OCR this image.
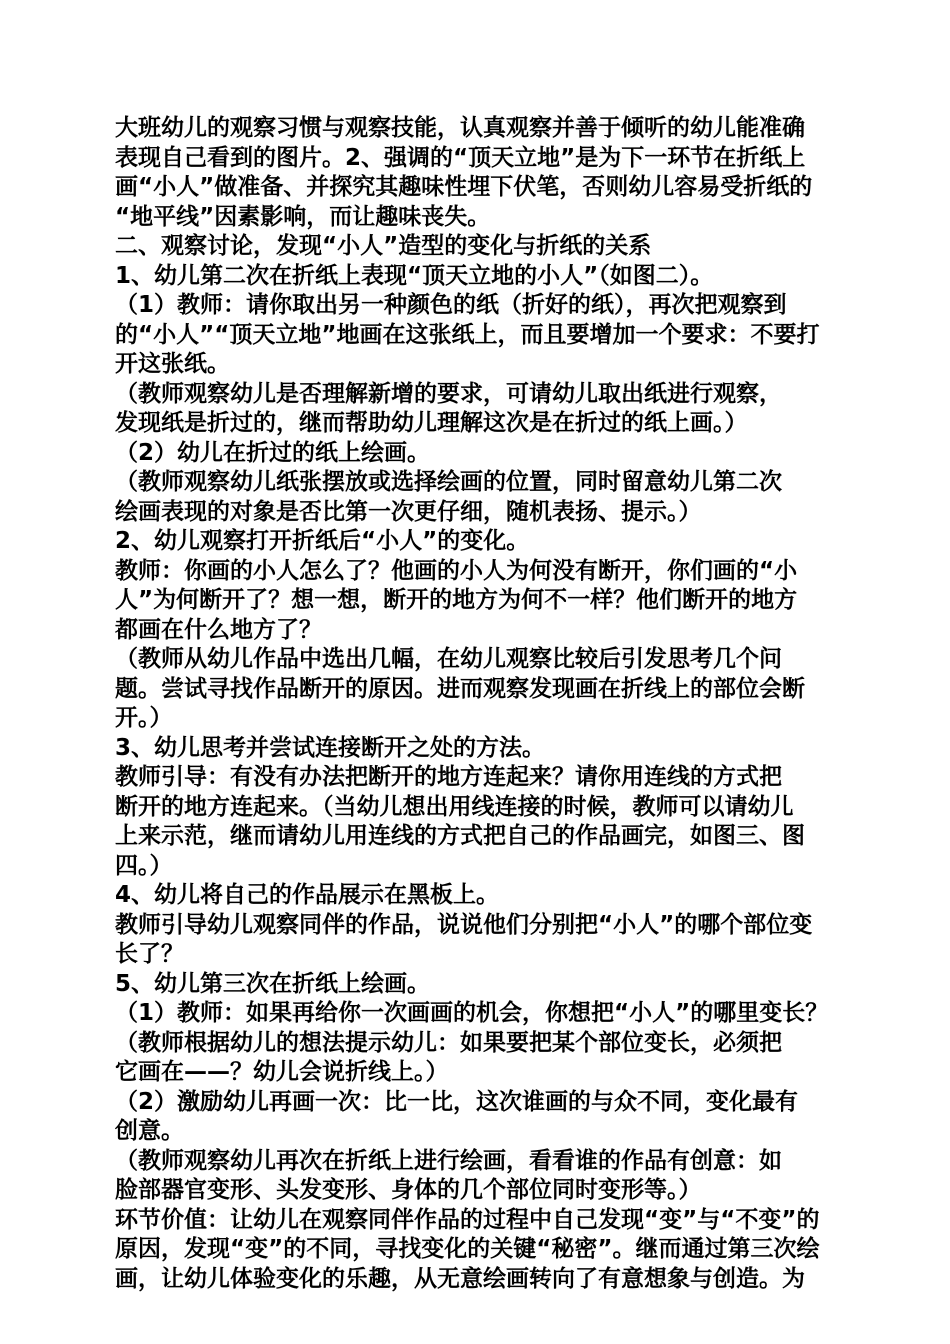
大班幼儿的观察习惯与观察技能，认真观察并善于倾听的幼儿能准确
表现自己看到的图片。2、强调的“顶天立地”是为下一环节在折纸上
画“小人”做准备、并探究其趣味性埋下伏笔，否则幼儿容易受折纸的
“地平线”因素影响，而让趣味丧失。
二、观察讨论，发现“小人”造型的变化与折纸的关系
1、幼儿第二次在折纸上表现“顶天立地的小人”（如图二）。
（1）教师：请你取出另一种颜色的纸（折好的纸），再次把观察到
的“小人”“顶天立地”地画在这张纸上，而且要增加一个要求：不要打
开这张纸。
（教师观察幼儿是否理解新增的要求，可请幼儿取出纸进行观察，
发现纸是折过的，继而帮助幼儿理解这次是在折过的纸上画。）
（2）幼儿在折过的纸上绘画。
（教师观察幼儿纸张摆放或选择绘画的位置，同时留意幼儿第二次
绘画表现的对象是否比第一次更仔细，随机表扬、提示。）
2、幼儿观察打开折纸后“小人”的变化。
教师：你画的小人怎么了？他画的小人为何没有断开，你们画的“小
人”为何断开了？想一想，断开的地方为何不一样？他们断开的地方
都画在什么地方了？
（教师从幼儿作品中选出几幅，在幼儿观察比较后引发思考几个问
题。尝试寻找作品断开的原因。进而观察发现画在折线上的部位会断
开。）
3、幼儿思考并尝试连接断开之处的方法。
教师引导：有没有办法把断开的地方连起来？请你用连线的方式把
断开的地方连起来。（当幼儿想出用线连接的时候，教师可以请幼儿
上来示范，继而请幼儿用连线的方式把自己的作品画完，如图三、图
四。）
4、幼儿将自己的作品展示在黑板上。
教师引导幼儿观察同伴的作品，说说他们分别把“小人”的哪个部位变
长了？
5、幼儿第三次在折纸上绘画。
（1）教师：如果再给你一次画画的机会，你想把“小人”的哪里变长？
（教师根据幼儿的想法提示幼儿：如果要把某个部位变长，必须把
它画在——？幼儿会说折线上。）
（2）激励幼儿再画一次：比一比，这次谁画的与众不同，变化最有
创意。
（教师观察幼儿再次在折纸上进行绘画，看看谁的作品有创意：如
脸部器官变形、头发变形、身体的几个部位同时变形等。）
环节价值：让幼儿在观察同伴作品的过程中自己发现“变”与“不变”的
原因，发现“变”的不同，寻找变化的关键“秘密”。继而通过第三次绘
画，让幼儿体验变化的乐趣，从无意绘画转向了有意想象与创造。为
